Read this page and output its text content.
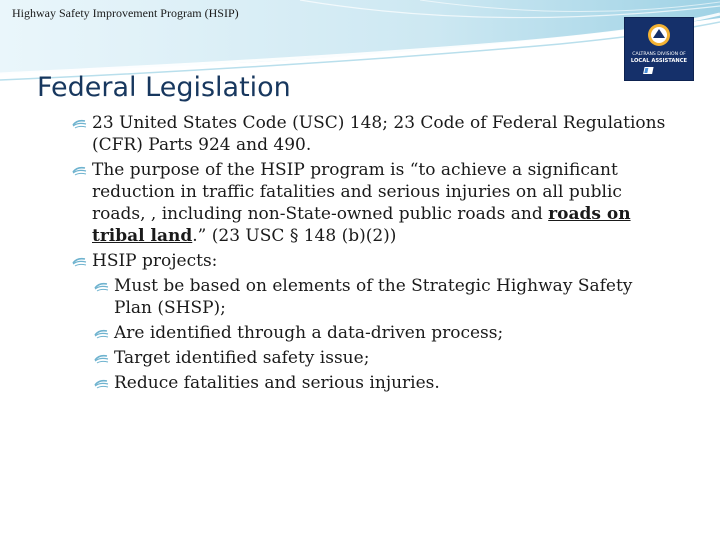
Highway Safety Improvement Program (HSIP)
CALTRANS DIVISION OF
LOCAL ASSISTANCE
Federal Legislation
23 United States Code (USC) 148; 23 Code of Federal Regulations (CFR) Parts 924 and 490.
The purpose of the HSIP program is “to achieve a significant reduction in traffic fatalities and serious injuries on all public roads, , including non-State-owned public roads and roads on tribal land.” (23 USC § 148 (b)(2))
HSIP projects:
Must be based on elements of the Strategic Highway Safety Plan (SHSP);
Are identified through a data-driven process;
Target identified safety issue;
Reduce fatalities and serious injuries.
